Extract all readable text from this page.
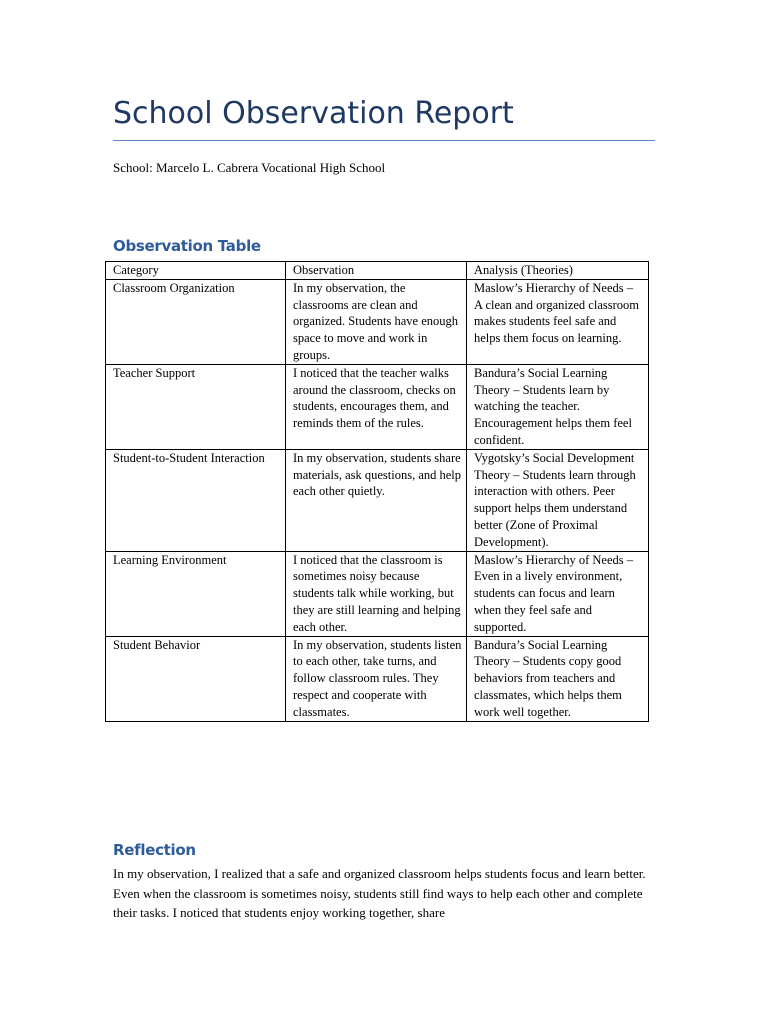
School Observation Report
School: Marcelo L. Cabrera Vocational High School
Observation Table
Category	Observation	Analysis (Theories)
Classroom Organization	In my observation, the classrooms are clean and organized. Students have enough space to move and work in groups.	Maslow’s Hierarchy of Needs – A clean and organized classroom makes students feel safe and helps them focus on learning.
Teacher Support	I noticed that the teacher walks around the classroom, checks on students, encourages them, and reminds them of the rules.	Bandura’s Social Learning Theory – Students learn by watching the teacher. Encouragement helps them feel confident.
Student-to-Student Interaction	In my observation, students share materials, ask questions, and help each other quietly.	Vygotsky’s Social Development Theory – Students learn through interaction with others. Peer support helps them understand better (Zone of Proximal Development).
Learning Environment	I noticed that the classroom is sometimes noisy because students talk while working, but they are still learning and helping each other.	Maslow’s Hierarchy of Needs – Even in a lively environment, students can focus and learn when they feel safe and supported.
Student Behavior	In my observation, students listen to each other, take turns, and follow classroom rules. They respect and cooperate with classmates.	Bandura’s Social Learning Theory – Students copy good behaviors from teachers and classmates, which helps them work well together.
Reflection
In my observation, I realized that a safe and organized classroom helps students focus and learn better. Even when the classroom is sometimes noisy, students still find ways to help each other and complete their tasks. I noticed that students enjoy working together, share
